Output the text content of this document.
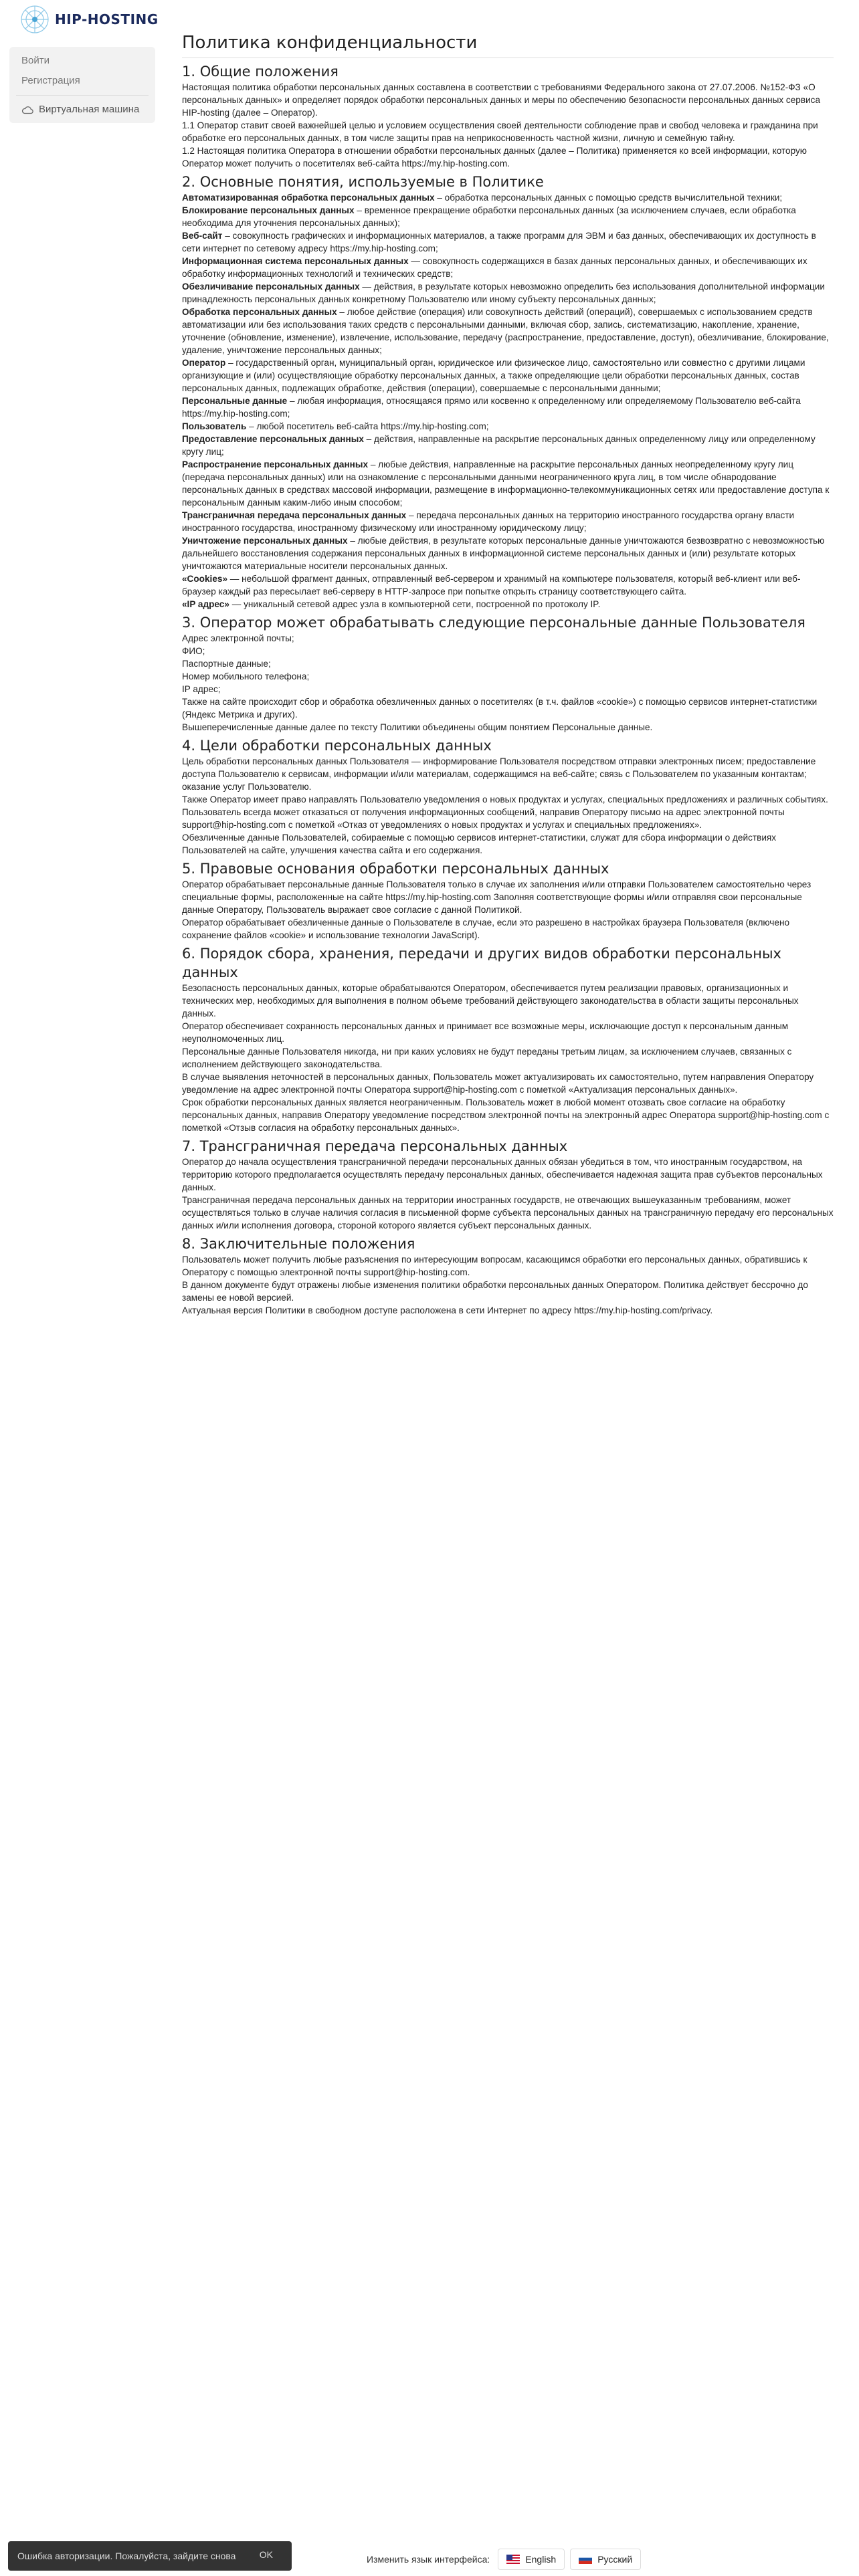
HIP-HOSTING
Войти
Регистрация
Виртуальная машина
Политика конфиденциальности
1. Общие положения

Настоящая политика обработки персональных данных составлена в соответствии с требованиями Федерального закона от 27.07.2006. №152-ФЗ «О персональных данных» и определяет порядок обработки персональных данных и меры по обеспечению безопасности персональных данных сервиса HIP-hosting (далее – Оператор).

1.1 Оператор ставит своей важнейшей целью и условием осуществления своей деятельности соблюдение прав и свобод человека и гражданина при обработке его персональных данных, в том числе защиты прав на неприкосновенность частной жизни, личную и семейную тайну.

1.2 Настоящая политика Оператора в отношении обработки персональных данных (далее – Политика) применяется ко всей информации, которую Оператор может получить о посетителях веб-сайта https://my.hip-hosting.com.

2. Основные понятия, используемые в Политике

Автоматизированная обработка персональных данных – обработка персональных данных с помощью средств вычислительной техники;

Блокирование персональных данных – временное прекращение обработки персональных данных (за исключением случаев, если обработка необходима для уточнения персональных данных);

Веб-сайт – совокупность графических и информационных материалов, а также программ для ЭВМ и баз данных, обеспечивающих их доступность в сети интернет по сетевому адресу https://my.hip-hosting.com;

Информационная система персональных данных — совокупность содержащихся в базах данных персональных данных, и обеспечивающих их обработку информационных технологий и технических средств;

Обезличивание персональных данных — действия, в результате которых невозможно определить без использования дополнительной информации принадлежность персональных данных конкретному Пользователю или иному субъекту персональных данных;

Обработка персональных данных – любое действие (операция) или совокупность действий (операций), совершаемых с использованием средств автоматизации или без использования таких средств с персональными данными, включая сбор, запись, систематизацию, накопление, хранение, уточнение (обновление, изменение), извлечение, использование, передачу (распространение, предоставление, доступ), обезличивание, блокирование, удаление, уничтожение персональных данных;

Оператор – государственный орган, муниципальный орган, юридическое или физическое лицо, самостоятельно или совместно с другими лицами организующие и (или) осуществляющие обработку персональных данных, а также определяющие цели обработки персональных данных, состав персональных данных, подлежащих обработке, действия (операции), совершаемые с персональными данными;

Персональные данные – любая информация, относящаяся прямо или косвенно к определенному или определяемому Пользователю веб-сайта https://my.hip-hosting.com;

Пользователь – любой посетитель веб-сайта https://my.hip-hosting.com;

Предоставление персональных данных – действия, направленные на раскрытие персональных данных определенному лицу или определенному кругу лиц;

Распространение персональных данных – любые действия, направленные на раскрытие персональных данных неопределенному кругу лиц (передача персональных данных) или на ознакомление с персональными данными неограниченного круга лиц, в том числе обнародование персональных данных в средствах массовой информации, размещение в информационно-телекоммуникационных сетях или предоставление доступа к персональным данным каким-либо иным способом;

Трансграничная передача персональных данных – передача персональных данных на территорию иностранного государства органу власти иностранного государства, иностранному физическому или иностранному юридическому лицу;

Уничтожение персональных данных – любые действия, в результате которых персональные данные уничтожаются безвозвратно с невозможностью дальнейшего восстановления содержания персональных данных в информационной системе персональных данных и (или) результате которых уничтожаются материальные носители персональных данных.

«Cookies» — небольшой фрагмент данных, отправленный веб-сервером и хранимый на компьютере пользователя, который веб-клиент или веб-браузер каждый раз пересылает веб-серверу в HTTP-запросе при попытке открыть страницу соответствующего сайта.

«IP адрес» — уникальный сетевой адрес узла в компьютерной сети, построенной по протоколу IP.

3. Оператор может обрабатывать следующие персональные данные Пользователя

Адрес электронной почты;

ФИО;

Паспортные данные;

Номер мобильного телефона;

IP адрес;

Также на сайте происходит сбор и обработка обезличенных данных о посетителях (в т.ч. файлов «cookie») с помощью сервисов интернет-статистики (Яндекс Метрика и других).

Вышеперечисленные данные далее по тексту Политики объединены общим понятием Персональные данные.

4. Цели обработки персональных данных

Цель обработки персональных данных Пользователя — информирование Пользователя посредством отправки электронных писем; предоставление доступа Пользователю к сервисам, информации и/или материалам, содержащимся на веб-сайте; связь с Пользователем по указанным контактам; оказание услуг Пользователю.

Также Оператор имеет право направлять Пользователю уведомления о новых продуктах и услугах, специальных предложениях и различных событиях. Пользователь всегда может отказаться от получения информационных сообщений, направив Оператору письмо на адрес электронной почты support@hip-hosting.com с пометкой «Отказ от уведомлениях о новых продуктах и услугах и специальных предложениях».

Обезличенные данные Пользователей, собираемые с помощью сервисов интернет-статистики, служат для сбора информации о действиях Пользователей на сайте, улучшения качества сайта и его содержания.

5. Правовые основания обработки персональных данных

Оператор обрабатывает персональные данные Пользователя только в случае их заполнения и/или отправки Пользователем самостоятельно через специальные формы, расположенные на сайте https://my.hip-hosting.com Заполняя соответствующие формы и/или отправляя свои персональные данные Оператору, Пользователь выражает свое согласие с данной Политикой.

Оператор обрабатывает обезличенные данные о Пользователе в случае, если это разрешено в настройках браузера Пользователя (включено сохранение файлов «cookie» и использование технологии JavaScript).

6. Порядок сбора, хранения, передачи и других видов обработки персональных данных

Безопасность персональных данных, которые обрабатываются Оператором, обеспечивается путем реализации правовых, организационных и технических мер, необходимых для выполнения в полном объеме требований действующего законодательства в области защиты персональных данных.

Оператор обеспечивает сохранность персональных данных и принимает все возможные меры, исключающие доступ к персональным данным неуполномоченных лиц.

Персональные данные Пользователя никогда, ни при каких условиях не будут переданы третьим лицам, за исключением случаев, связанных с исполнением действующего законодательства.

В случае выявления неточностей в персональных данных, Пользователь может актуализировать их самостоятельно, путем направления Оператору уведомление на адрес электронной почты Оператора support@hip-hosting.com с пометкой «Актуализация персональных данных».

Срок обработки персональных данных является неограниченным. Пользователь может в любой момент отозвать свое согласие на обработку персональных данных, направив Оператору уведомление посредством электронной почты на электронный адрес Оператора support@hip-hosting.com с пометкой «Отзыв согласия на обработку персональных данных».

7. Трансграничная передача персональных данных

Оператор до начала осуществления трансграничной передачи персональных данных обязан убедиться в том, что иностранным государством, на территорию которого предполагается осуществлять передачу персональных данных, обеспечивается надежная защита прав субъектов персональных данных.

Трансграничная передача персональных данных на территории иностранных государств, не отвечающих вышеуказанным требованиям, может осуществляться только в случае наличия согласия в письменной форме субъекта персональных данных на трансграничную передачу его персональных данных и/или исполнения договора, стороной которого является субъект персональных данных.

8. Заключительные положения

Пользователь может получить любые разъяснения по интересующим вопросам, касающимся обработки его персональных данных, обратившись к Оператору с помощью электронной почты support@hip-hosting.com.

В данном документе будут отражены любые изменения политики обработки персональных данных Оператором. Политика действует бессрочно до замены ее новой версией.

Актуальная версия Политики в свободном доступе расположена в сети Интернет по адресу https://my.hip-hosting.com/privacy.

Изменить язык интерфейса:	English	Русский
Ошибка авторизации. Пожалуйста, зайдите снова	OK
